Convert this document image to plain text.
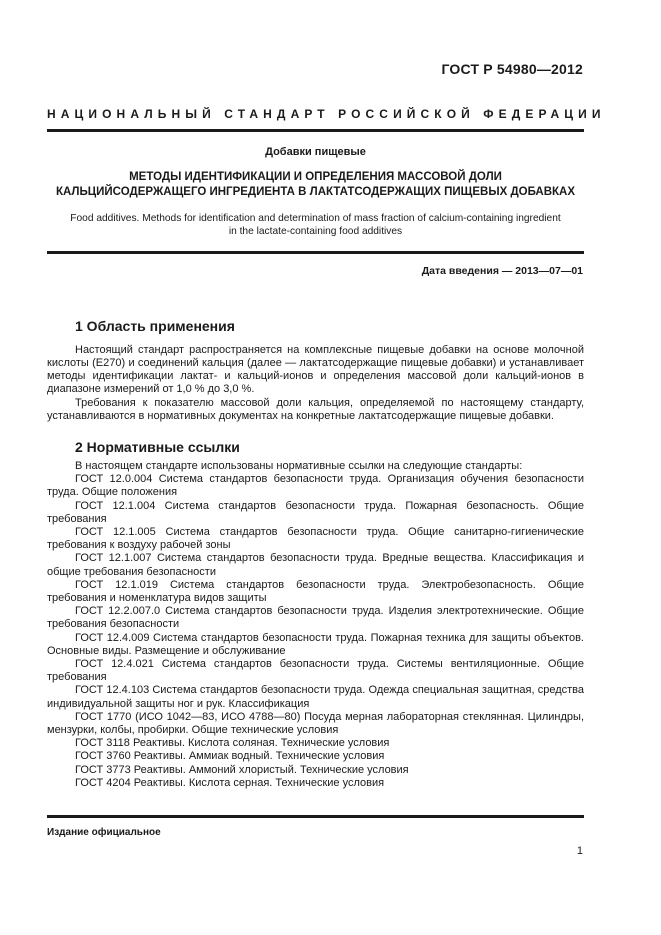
ГОСТ Р 54980—2012
НАЦИОНАЛЬНЫЙ СТАНДАРТ РОССИЙСКОЙ ФЕДЕРАЦИИ
Добавки пищевые
МЕТОДЫ ИДЕНТИФИКАЦИИ И ОПРЕДЕЛЕНИЯ МАССОВОЙ ДОЛИ КАЛЬЦИЙСОДЕРЖАЩЕГО ИНГРЕДИЕНТА В ЛАКТАТСОДЕРЖАЩИХ ПИЩЕВЫХ ДОБАВКАХ
Food additives. Methods for identification and determination of mass fraction of calcium-containing ingredient in the lactate-containing food additives
Дата введения — 2013—07—01
1 Область применения

Настоящий стандарт распространяется на комплексные пищевые добавки на основе молочной кислоты (Е270) и соединений кальция (далее — лактатсодержащие пищевые добавки) и устанавливает методы идентификации лактат- и кальций-ионов и определения массовой доли кальций-ионов в диапазоне измерений от 1,0 % до 3,0 %.

Требования к показателю массовой доли кальция, определяемой по настоящему стандарту, устанавливаются в нормативных документах на конкретные лактатсодержащие пищевые добавки.

2 Нормативные ссылки

В настоящем стандарте использованы нормативные ссылки на следующие стандарты:

ГОСТ 12.0.004 Система стандартов безопасности труда. Организация обучения безопасности труда. Общие положения

ГОСТ 12.1.004 Система стандартов безопасности труда. Пожарная безопасность. Общие требования

ГОСТ 12.1.005 Система стандартов безопасности труда. Общие санитарно-гигиенические требования к воздуху рабочей зоны

ГОСТ 12.1.007 Система стандартов безопасности труда. Вредные вещества. Классификация и общие требования безопасности

ГОСТ 12.1.019 Система стандартов безопасности труда. Электробезопасность. Общие требования и номенклатура видов защиты

ГОСТ 12.2.007.0 Система стандартов безопасности труда. Изделия электротехнические. Общие требования безопасности

ГОСТ 12.4.009 Система стандартов безопасности труда. Пожарная техника для защиты объектов. Основные виды. Размещение и обслуживание

ГОСТ 12.4.021 Система стандартов безопасности труда. Системы вентиляционные. Общие требования

ГОСТ 12.4.103 Система стандартов безопасности труда. Одежда специальная защитная, средства индивидуальной защиты ног и рук. Классификация

ГОСТ 1770 (ИСО 1042—83, ИСО 4788—80) Посуда мерная лабораторная стеклянная. Цилиндры, мензурки, колбы, пробирки. Общие технические условия

ГОСТ 3118 Реактивы. Кислота соляная. Технические условия

ГОСТ 3760 Реактивы. Аммиак водный. Технические условия

ГОСТ 3773 Реактивы. Аммоний хлористый. Технические условия

ГОСТ 4204 Реактивы. Кислота серная. Технические условия

Издание официальное
1
